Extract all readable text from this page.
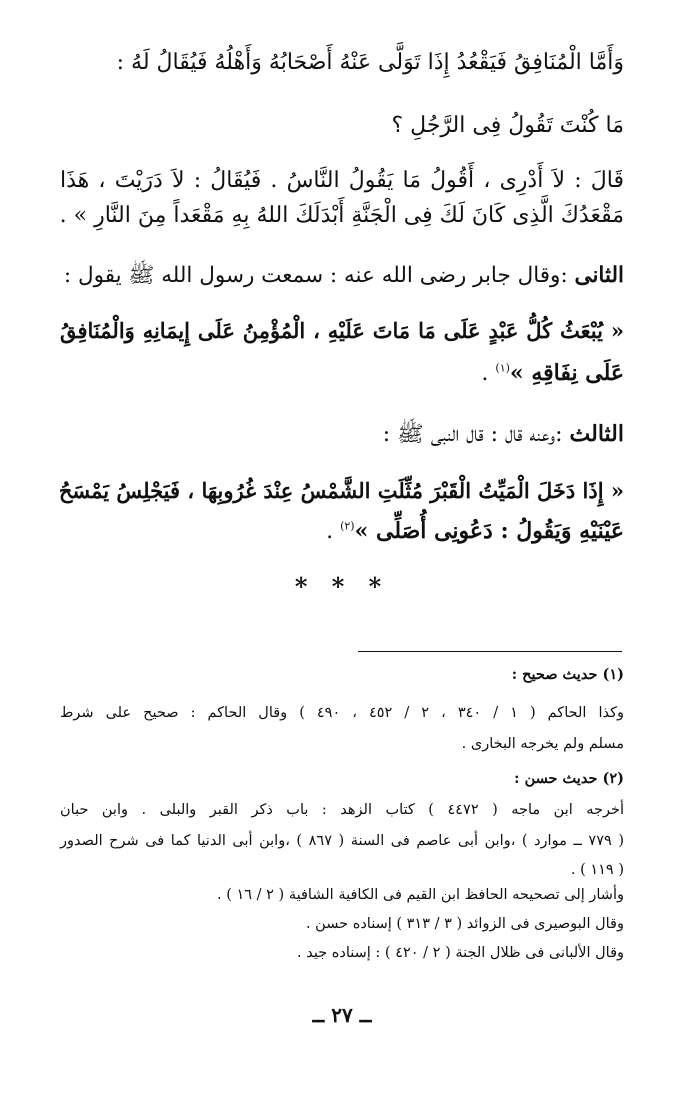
وَأَمَّا الْمُنَافِقُ فَيَقْعُدُ إِذَا تَوَلَّى عَنْهُ أَصْحَابُهُ وَأَهْلُهُ فَيُقَالُ لَهُ :
مَا كُنْتَ تَقُولُ فِى الرَّجُلِ ؟
قَالَ : لاَ أَدْرِى ، أَقُولُ مَا يَقُولُ النَّاسُ . فَيُقَالُ : لاَ دَرَيْتَ ، هَذَا
مَقْعَدُكَ الَّذِى كَانَ لَكَ فِى الْجَنَّةِ أَبْدَلَكَ اللهُ بِهِ مَقْعَداً مِنَ النَّارِ » .
الثانى :وقال جابر رضى الله عنه : سمعت رسول الله ﷺ يقول :
« يُبْعَثُ كُلُّ عَبْدٍ عَلَى مَا مَاتَ عَلَيْهِ ، الْمُؤْمِنُ عَلَى إِيمَانِهِ وَالْمُنَافِقُ
عَلَى نِفَاقِهِ »$^{(١)}$ .
الثالث :وعنه قال : قال النبى ﷺ :
« إِذَا دَخَلَ الْمَيِّتُ الْقَبْرَ مُثِّلَتِ الشَّمْسُ عِنْدَ غُرُوبِهَا ، فَيَجْلِسُ يَمْسَحُ
عَيْنَيْهِ وَيَقُولُ : دَعُونِى أُصَلِّى »$^{(٢)}$ .
* * *
(١) حديث صحيح :
وكذا الحاكم ( ١ / ٣٤٠ ، ٢ / ٤٥٢ ، ٤٩٠ ) وقال الحاكم : صحيح على شرط
مسلم ولم يخرجه البخارى .
(٢) حديث حسن :
أخرجه ابن ماجه ( ٤٤٧٢ ) كتاب الزهد : باب ذكر القبر والبلى . وابن حبان
( ٧٧٩ ــ موارد ) ،وابن أبى عاصم فى السنة ( ٨٦٧ ) ،وابن أبى الدنيا كما فى شرح الصدور
( ١١٩ ) .
وأشار إلى تصحيحه الحافظ ابن القيم فى الكافية الشافية ( ٢ / ١٦ ) .
وقال البوصيرى فى الزوائد ( ٣ / ٣١٣ ) إسناده حسن .
وقال الألبانى فى ظلال الجنة ( ٢ / ٤٢٠ ) : إسناده جيد .
ــ ٢٧ ــ
